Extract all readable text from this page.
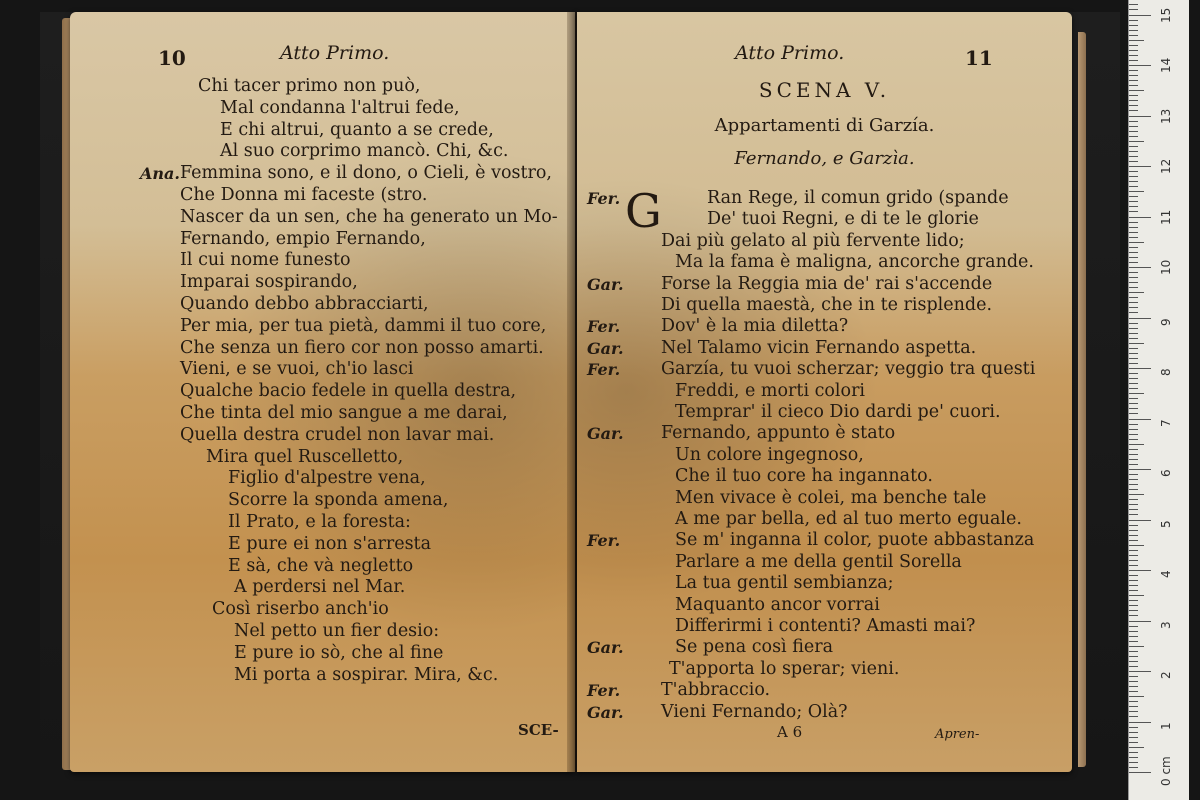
10	Atto Primo.
Chi tacer primo non può,
Mal condanna l'altrui fede,
E chi altrui, quanto a se crede,
Al suo corprimo mancò. Chi, &c.
Ana. Femmina sono, e il dono, o Cieli, è vostro,
Che Donna mi faceste (stro.
Nascer da un sen, che ha generato un Mo-
Fernando, empio Fernando,
Il cui nome funesto
Imparai sospirando,
Quando debbo abbracciarti,
Per mia, per tua pietà, dammi il tuo core,
Che senza un fiero cor non posso amarti.
Vieni, e se vuoi, ch'io lasci
Qualche bacio fedele in quella destra,
Che tinta del mio sangue a me darai,
Quella destra crudel non lavar mai.
Mira quel Ruscelletto,
Figlio d'alpestre vena,
Scorre la sponda amena,
Il Prato, e la foresta:
E pure ei non s'arresta
E sà, che và negletto
A perdersi nel Mar.
Così riserbo anch'io
Nel petto un fier desio:
E pure io sò, che al fine
Mi porta a sospirar. Mira, &c.
SCE-
Atto Primo.	11
SCENA V.
Appartamenti di Garzía.
Fernando, e Garzìa.
G
Fer.	Ran Rege, il comun grido (spande
De' tuoi Regni, e di te le glorie
Dai più gelato al più fervente lido;
Ma la fama è maligna, ancorche grande.
Gar. Forse la Reggia mia de' rai s'accende
Di quella maestà, che in te risplende.
Fer. Dov' è la mia diletta?
Gar. Nel Talamo vicin Fernando aspetta.
Fer. Garzía, tu vuoi scherzar; veggio tra questi
Freddi, e morti colori
Temprar' il cieco Dio dardi pe' cuori.
Gar. Fernando, appunto è stato
Un colore ingegnoso,
Che il tuo core ha ingannato.
Men vivace è colei, ma benche tale
A me par bella, ed al tuo merto eguale.
Fer.	Se m' inganna il color, puote abbastanza
Parlare a me della gentil Sorella
La tua gentil sembianza;
Maquanto ancor vorrai
Differirmi i contenti? Amasti mai?
Gar.	Se pena così fiera
T'apporta lo sperar; vieni.
Fer. T'abbraccio.
Gar. Vieni Fernando; Olà?
A 6	Apren-
0 cm
1
2
3
4
5
6
7
8
9
10
11
12
13
14
15
